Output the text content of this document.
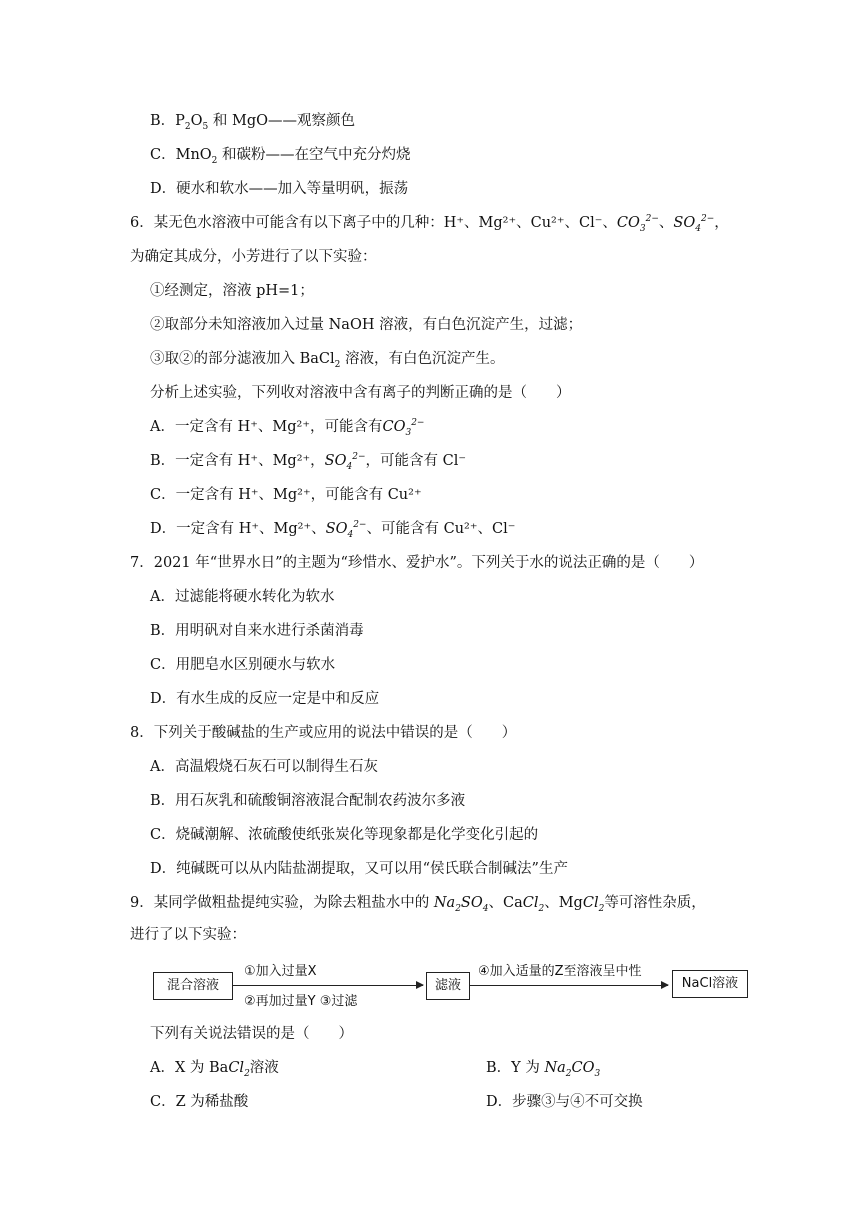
B．$P_2O_5$ 和 MgO——观察颜色
C．MnO$_2$ 和碳粉——在空气中充分灼烧
D．硬水和软水——加入等量明矾，振荡
6．某无色水溶液中可能含有以下离子中的几种：H⁺、Mg²⁺、Cu²⁺、Cl⁻、$CO_3^{2-}$、$SO_4^{2-}$，
为确定其成分，小芳进行了以下实验：
①经测定，溶液 pH=1；
②取部分未知溶液加入过量 NaOH 溶液，有白色沉淀产生，过滤；
③取②的部分滤液加入 BaCl$_2$ 溶液，有白色沉淀产生。
分析上述实验，下列收对溶液中含有离子的判断正确的是（　　）
A．一定含有 H⁺、Mg²⁺，可能含有$CO_3^{2-}$
B．一定含有 H⁺、Mg²⁺，$SO_4^{2-}$，可能含有 Cl⁻
C．一定含有 H⁺、Mg²⁺，可能含有 Cu²⁺
D．一定含有 H⁺、Mg²⁺、$SO_4^{2-}$、可能含有 Cu²⁺、Cl⁻
7．2021 年“世界水日”的主题为“珍惜水、爱护水”。下列关于水的说法正确的是（　　）
A．过滤能将硬水转化为软水
B．用明矾对自来水进行杀菌消毒
C．用肥皂水区别硬水与软水
D．有水生成的反应一定是中和反应
8．下列关于酸碱盐的生产或应用的说法中错误的是（　　）
A．高温煅烧石灰石可以制得生石灰
B．用石灰乳和硫酸铜溶液混合配制农药波尔多液
C．烧碱潮解、浓硫酸使纸张炭化等现象都是化学变化引起的
D．纯碱既可以从内陆盐湖提取，又可以用“侯氏联合制碱法”生产
9．某同学做粗盐提纯实验，为除去粗盐水中的 $Na_2SO_4$、CaCl$_2$、MgCl$_2$等可溶性杂质，
进行了以下实验：
混合溶液
①加入过量X
②再加过量Y ③过滤
滤液
④加入适量的Z至溶液呈中性
NaCl溶液
下列有关说法错误的是（　　）
A．X 为 BaCl$_2$溶液	B．Y 为 $Na_2CO_3$
C．Z 为稀盐酸	D．步骤③与④不可交换
